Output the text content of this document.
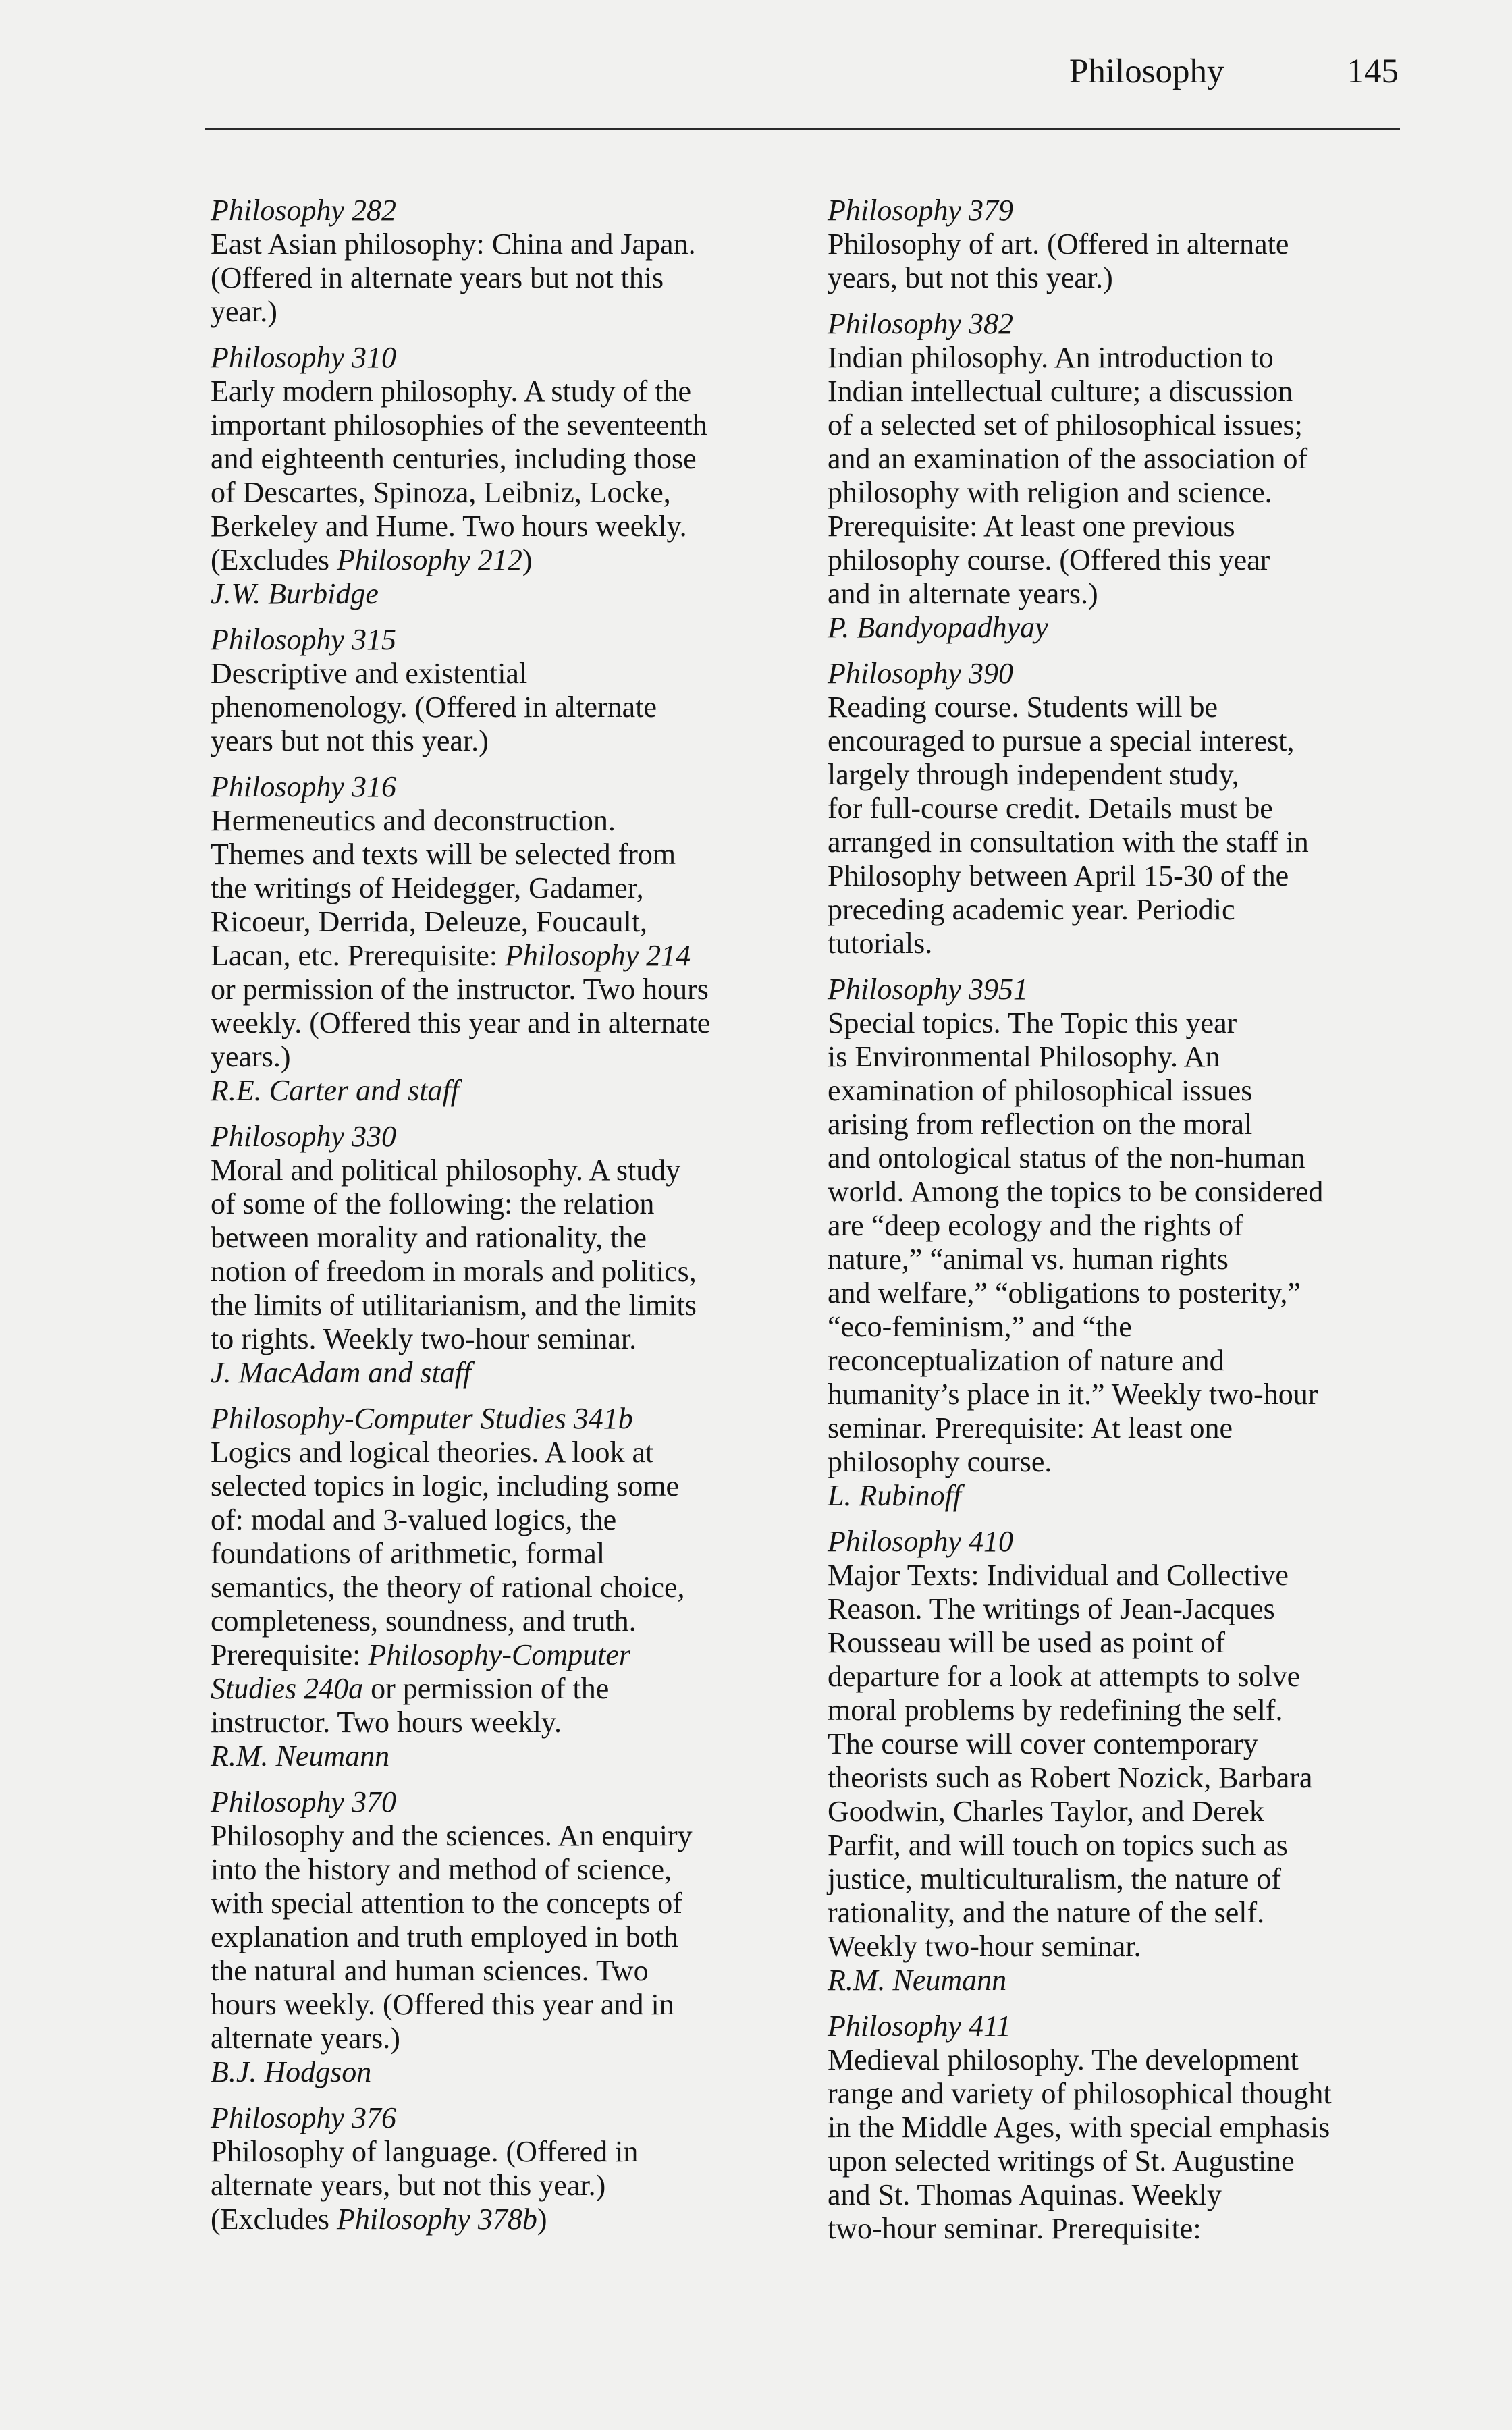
Philosophy	145

Philosophy 282

East Asian philosophy: China and Japan.

(Offered in alternate years but not this

year.)

Philosophy 310

Early modern philosophy. A study of the

important philosophies of the seventeenth

and eighteenth centuries, including those

of Descartes, Spinoza, Leibniz, Locke,

Berkeley and Hume. Two hours weekly.

(Excludes Philosophy 212)

J.W. Burbidge

Philosophy 315

Descriptive and existential

phenomenology. (Offered in alternate

years but not this year.)

Philosophy 316

Hermeneutics and deconstruction.

Themes and texts will be selected from

the writings of Heidegger, Gadamer,

Ricoeur, Derrida, Deleuze, Foucault,

Lacan, etc. Prerequisite: Philosophy 214

or permission of the instructor. Two hours

weekly. (Offered this year and in alternate

years.)

R.E. Carter and staff

Philosophy 330

Moral and political philosophy. A study

of some of the following: the relation

between morality and rationality, the

notion of freedom in morals and politics,

the limits of utilitarianism, and the limits

to rights. Weekly two-hour seminar.

J. MacAdam and staff

Philosophy-Computer Studies 341b

Logics and logical theories. A look at

selected topics in logic, including some

of: modal and 3-valued logics, the

foundations of arithmetic, formal

semantics, the theory of rational choice,

completeness, soundness, and truth.

Prerequisite: Philosophy-Computer

Studies 240a or permission of the

instructor. Two hours weekly.

R.M. Neumann

Philosophy 370

Philosophy and the sciences. An enquiry

into the history and method of science,

with special attention to the concepts of

explanation and truth employed in both

the natural and human sciences. Two

hours weekly. (Offered this year and in

alternate years.)

B.J. Hodgson

Philosophy 376

Philosophy of language. (Offered in

alternate years, but not this year.)

(Excludes Philosophy 378b)

Philosophy 379

Philosophy of art. (Offered in alternate

years, but not this year.)

Philosophy 382

Indian philosophy. An introduction to

Indian intellectual culture; a discussion

of a selected set of philosophical issues;

and an examination of the association of

philosophy with religion and science.

Prerequisite: At least one previous

philosophy course. (Offered this year

and in alternate years.)

P. Bandyopadhyay

Philosophy 390

Reading course. Students will be

encouraged to pursue a special interest,

largely through independent study,

for full-course credit. Details must be

arranged in consultation with the staff in

Philosophy between April 15-30 of the

preceding academic year. Periodic

tutorials.

Philosophy 3951

Special topics. The Topic this year

is Environmental Philosophy. An

examination of philosophical issues

arising from reflection on the moral

and ontological status of the non-human

world. Among the topics to be considered

are “deep ecology and the rights of

nature,” “animal vs. human rights

and welfare,” “obligations to posterity,”

“eco-feminism,” and “the

reconceptualization of nature and

humanity’s place in it.” Weekly two-hour

seminar. Prerequisite: At least one

philosophy course.

L. Rubinoff

Philosophy 410

Major Texts: Individual and Collective

Reason. The writings of Jean-Jacques

Rousseau will be used as point of

departure for a look at attempts to solve

moral problems by redefining the self.

The course will cover contemporary

theorists such as Robert Nozick, Barbara

Goodwin, Charles Taylor, and Derek

Parfit, and will touch on topics such as

justice, multiculturalism, the nature of

rationality, and the nature of the self.

Weekly two-hour seminar.

R.M. Neumann

Philosophy 411

Medieval philosophy. The development

range and variety of philosophical thought

in the Middle Ages, with special emphasis

upon selected writings of St. Augustine

and St. Thomas Aquinas. Weekly

two-hour seminar. Prerequisite:
